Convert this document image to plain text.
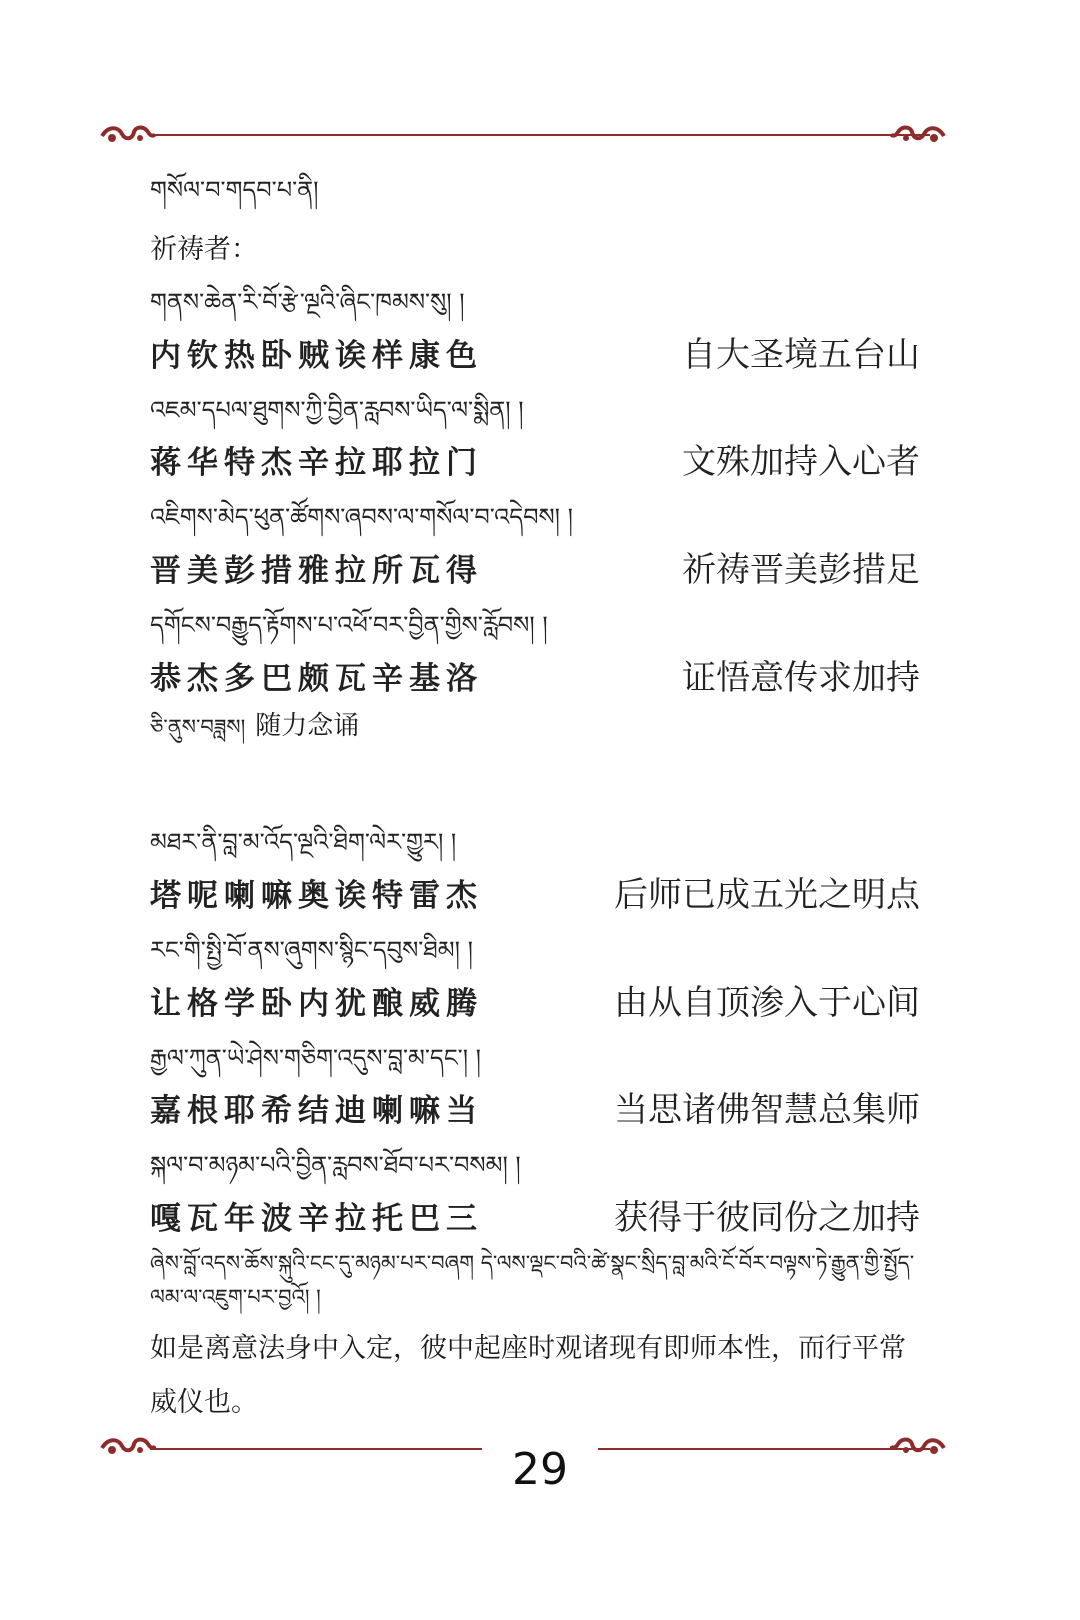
གསོལ་བ་གདབ་པ་ནི།
祈祷者：
གནས་ཆེན་རི་བོ་རྩེ་ལྔའི་ཞིང་ཁམས་སུ། །
内钦热卧贼诶样康色	自大圣境五台山
འཇམ་དཔལ་ཐུགས་ཀྱི་བྱིན་རླབས་ཡིད་ལ་སྨིན། །
蒋华特杰辛拉耶拉门	文殊加持入心者
འཇིགས་མེད་ཕུན་ཚོགས་ཞབས་ལ་གསོལ་བ་འདེབས། །
晋美彭措雅拉所瓦得	祈祷晋美彭措足
དགོངས་བརྒྱུད་རྟོགས་པ་འཕོ་བར་བྱིན་གྱིས་རློབས། །
恭杰多巴颇瓦辛基洛	证悟意传求加持
ཅི་ནུས་བཟླས། 随力念诵
མཐར་ནི་བླ་མ་འོད་ལྔའི་ཐིག་ལེར་གྱུར། །
塔呢喇嘛奥诶特雷杰	后师已成五光之明点
རང་གི་སྤྱི་བོ་ནས་ཞུགས་སྙིང་དབུས་ཐིམ། །
让格学卧内犹酿威腾	由从自顶渗入于心间
རྒྱལ་ཀུན་ཡེ་ཤེས་གཅིག་འདུས་བླ་མ་དང་། །
嘉根耶希结迪喇嘛当	当思诸佛智慧总集师
སྐལ་བ་མཉམ་པའི་བྱིན་རླབས་ཐོབ་པར་བསམ། །
嘎瓦年波辛拉托巴三	获得于彼同份之加持
ཞེས་བློ་འདས་ཆོས་སྐུའི་ངང་དུ་མཉམ་པར་བཞག དེ་ལས་ལྡང་བའི་ཚེ་སྣང་སྲིད་བླ་མའི་ངོ་བོར་བལྟས་ཏེ་རྒྱུན་གྱི་སྤྱོད་ལམ་ལ་འཇུག་པར་བྱའོ། །
如是离意法身中入定，彼中起座时观诸现有即师本性，而行平常威仪也。
29
